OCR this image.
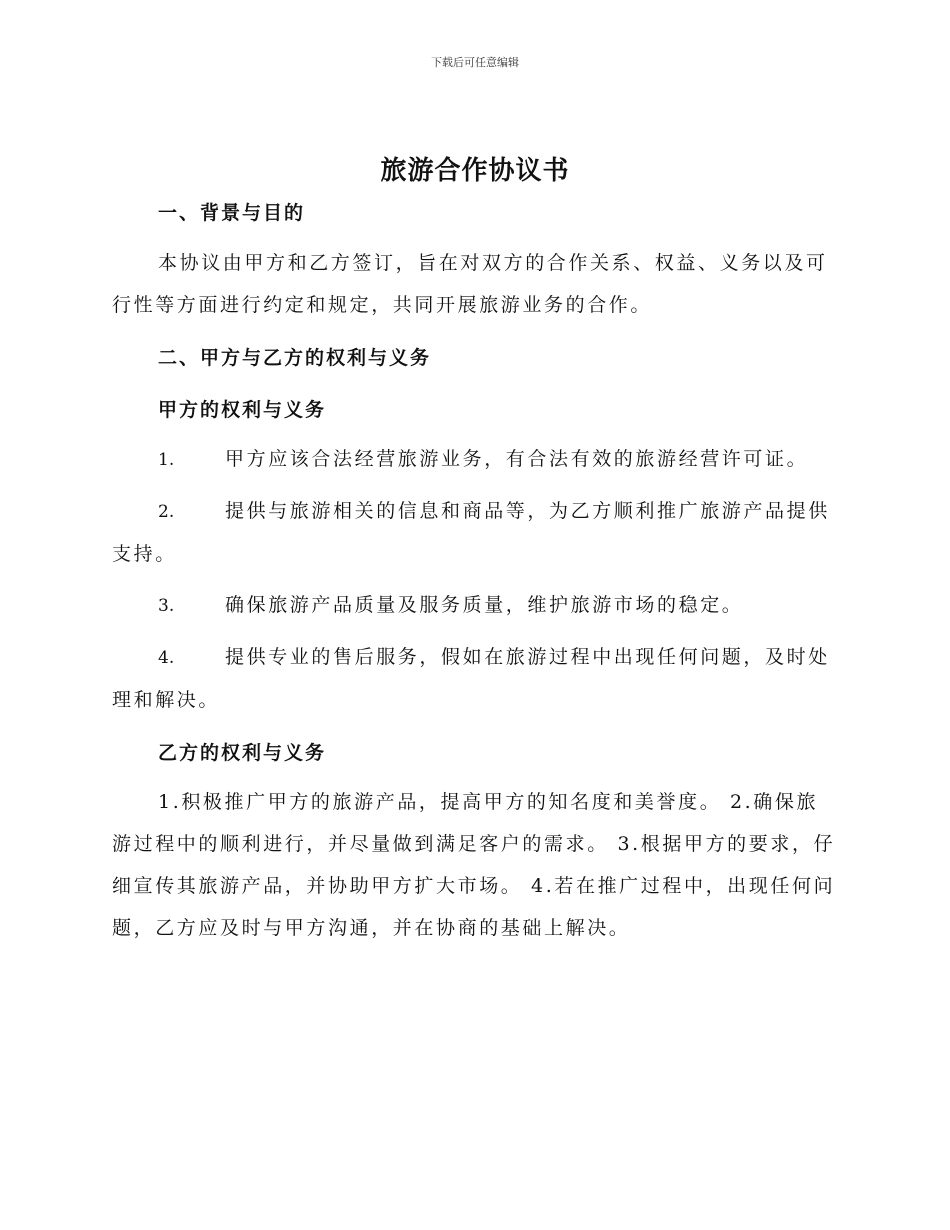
下载后可任意编辑
旅游合作协议书
一、背景与目的
本协议由甲方和乙方签订，旨在对双方的合作关系、权益、义务以及可行性等方面进行约定和规定，共同开展旅游业务的合作。
二、甲方与乙方的权利与义务
甲方的权利与义务
1.	甲方应该合法经营旅游业务，有合法有效的旅游经营许可证。
2.	提供与旅游相关的信息和商品等，为乙方顺利推广旅游产品提供支持。
3.	确保旅游产品质量及服务质量，维护旅游市场的稳定。
4.	提供专业的售后服务，假如在旅游过程中出现任何问题，及时处理和解决。
乙方的权利与义务
1.积极推广甲方的旅游产品，提高甲方的知名度和美誉度。 2.确保旅游过程中的顺利进行，并尽量做到满足客户的需求。 3.根据甲方的要求，仔细宣传其旅游产品，并协助甲方扩大市场。 4.若在推广过程中，出现任何问题，乙方应及时与甲方沟通，并在协商的基础上解决。
